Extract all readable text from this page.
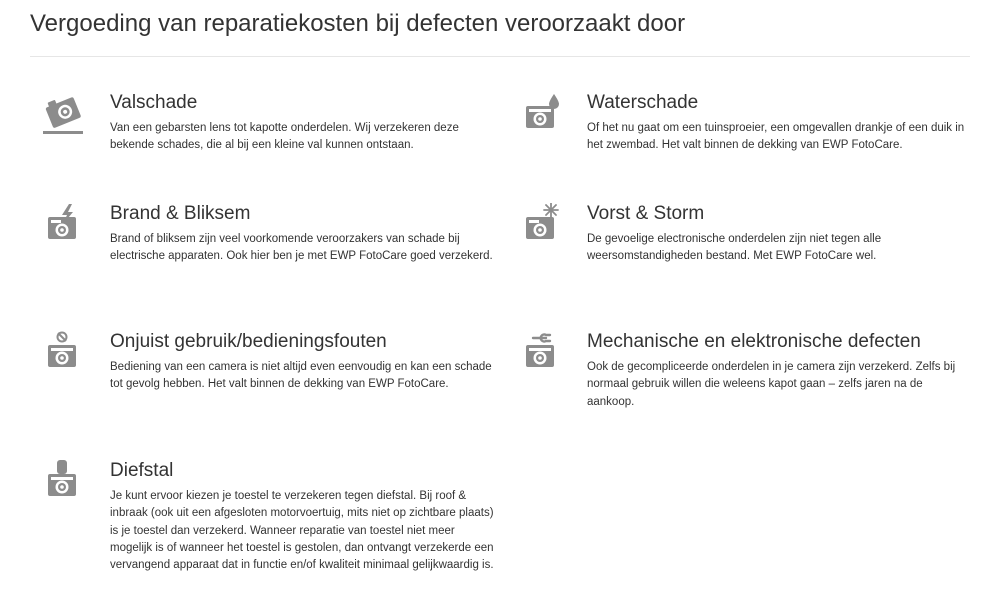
Vergoeding van reparatiekosten bij defecten veroorzaakt door
Valschade

Van een gebarsten lens tot kapotte onderdelen. Wij verzekeren deze bekende schades, die al bij een kleine val kunnen ontstaan.

Waterschade

Of het nu gaat om een tuinsproeier, een omgevallen drankje of een duik in het zwembad. Het valt binnen de dekking van EWP FotoCare.

Brand & Bliksem

Brand of bliksem zijn veel voorkomende veroorzakers van schade bij electrische apparaten. Ook hier ben je met EWP FotoCare goed verzekerd.

Vorst & Storm

De gevoelige electronische onderdelen zijn niet tegen alle weersomstandigheden bestand. Met EWP FotoCare wel.

Onjuist gebruik/bedieningsfouten

Bediening van een camera is niet altijd even eenvoudig en kan een schade tot gevolg hebben. Het valt binnen de dekking van EWP FotoCare.

Mechanische en elektronische defecten

Ook de gecompliceerde onderdelen in je camera zijn verzekerd. Zelfs bij normaal gebruik willen die weleens kapot gaan – zelfs jaren na de aankoop.

Diefstal

Je kunt ervoor kiezen je toestel te verzekeren tegen diefstal. Bij roof & inbraak (ook uit een afgesloten motorvoertuig, mits niet op zichtbare plaats) is je toestel dan verzekerd. Wanneer reparatie van toestel niet meer mogelijk is of wanneer het toestel is gestolen, dan ontvangt verzekerde een vervangend apparaat dat in functie en/of kwaliteit minimaal gelijkwaardig is.
